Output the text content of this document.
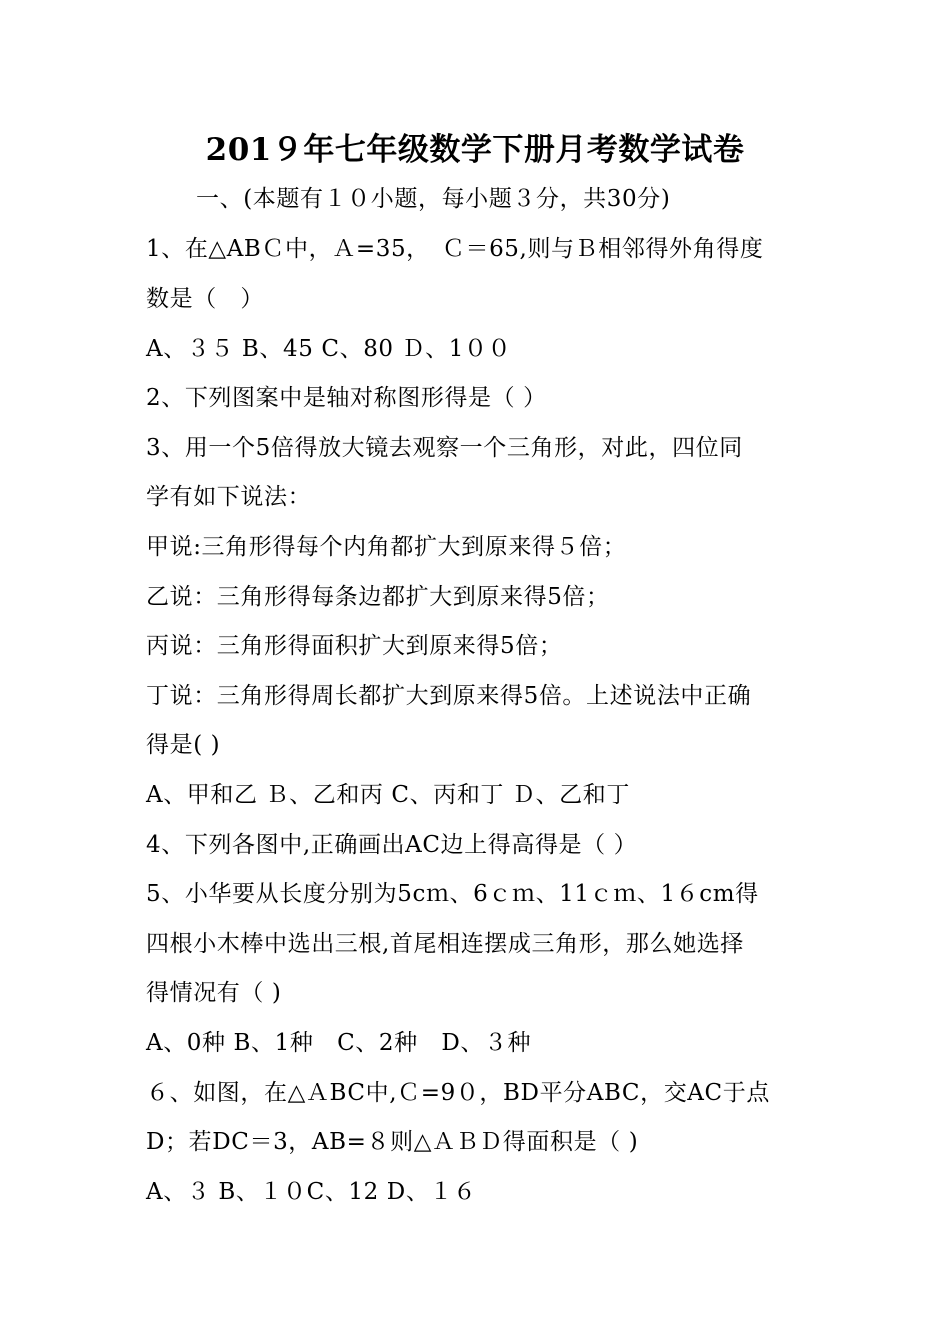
201９年七年级数学下册月考数学试卷
一、(本题有１０小题，每小题３分，共30分)
1、在△ABＣ中，Ａ=35，　Ｃ＝65,则与Ｂ相邻得外角得度
数是（　）
A、３５ B、45 C、80 Ｄ、1００
2、下列图案中是轴对称图形得是（ ）
3、用一个5倍得放大镜去观察一个三角形，对此，四位同
学有如下说法：
甲说:三角形得每个内角都扩大到原来得５倍；
乙说：三角形得每条边都扩大到原来得5倍；
丙说：三角形得面积扩大到原来得5倍；
丁说：三角形得周长都扩大到原来得5倍。上述说法中正确
得是( )
A、甲和乙 Ｂ、乙和丙 C、丙和丁 Ｄ、乙和丁
4、下列各图中,正确画出AC边上得高得是（ ）
5、小华要从长度分别为5cｍ、6ｃｍ、11ｃｍ、1６cm得
四根小木棒中选出三根,首尾相连摆成三角形，那么她选择
得情况有（ )
A、0种 B、1种　C、2种　D、３种
６、如图，在△ＡBC中,Ｃ=9０，BD平分ABC，交AC于点
D；若DC＝3，AB=８则△ＡＢＤ得面积是（ )
A、３ B、１０C、12 D、１６
